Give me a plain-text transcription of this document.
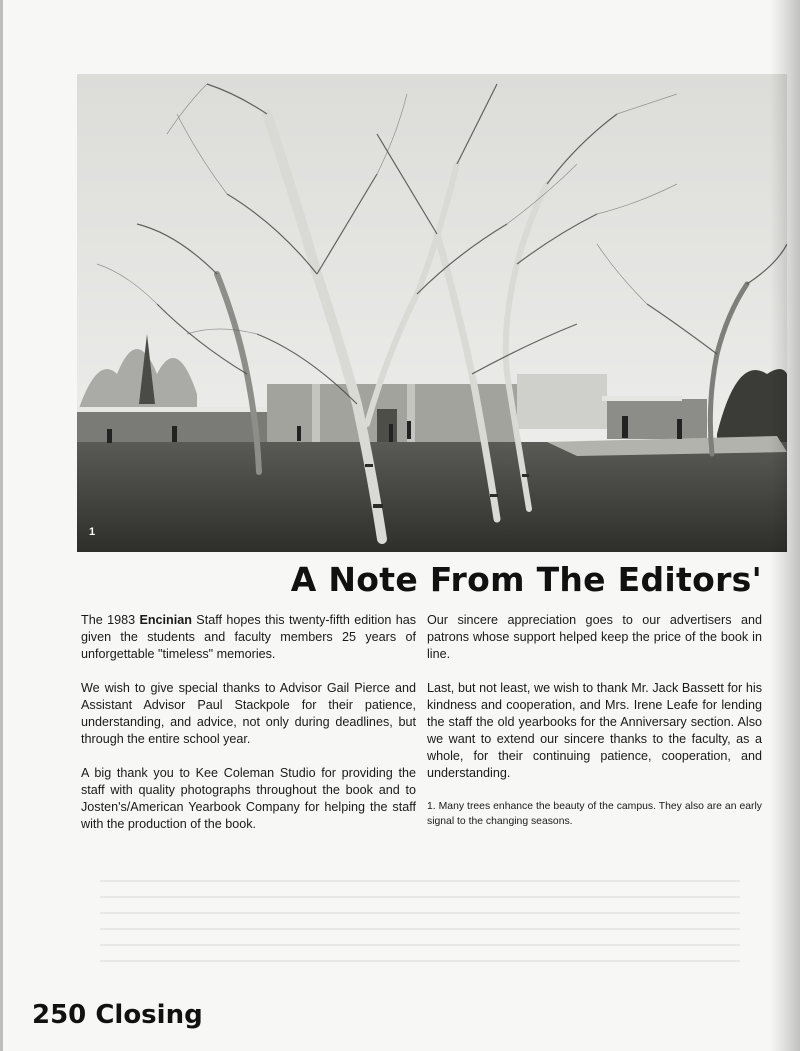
1
A Note From The Editors'

The 1983 Encinian Staff hopes this twenty-fifth edition has given the students and faculty members 25 years of unforgettable "timeless" memories.

We wish to give special thanks to Advisor Gail Pierce and Assistant Advisor Paul Stackpole for their patience, understanding, and advice, not only during deadlines, but through the entire school year.

A big thank you to Kee Coleman Studio for providing the staff with quality photographs throughout the book and to Josten's/American Yearbook Company for helping the staff with the production of the book.

Our sincere appreciation goes to our advertisers and patrons whose support helped keep the price of the book in line.

Last, but not least, we wish to thank Mr. Jack Bassett for his kindness and cooperation, and Mrs. Irene Leafe for lending the staff the old yearbooks for the Anniversary section. Also we want to extend our sincere thanks to the faculty, as a whole, for their continuing patience, cooperation, and understanding.

1. Many trees enhance the beauty of the campus. They also are an early signal to the changing seasons.

250 Closing
